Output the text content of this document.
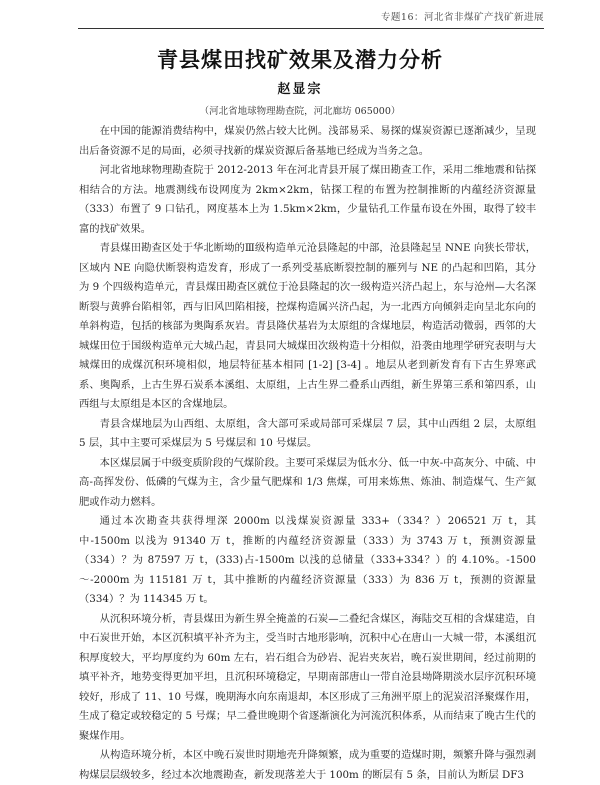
专题16：河北省非煤矿产找矿新进展
青县煤田找矿效果及潜力分析
赵显宗
（河北省地球物理勘查院，河北廊坊 065000）

在中国的能源消费结构中，煤炭仍然占较大比例。浅部易采、易探的煤炭资源已逐渐减少，呈现出后备资源不足的局面，必须寻找新的煤炭资源后备基地已经成为当务之急。

河北省地球物理勘查院于 2012-2013 年在河北青县开展了煤田勘查工作，采用二维地震和钻探相结合的方法。地震测线布设网度为 2km×2km，钻探工程的布置为控制推断的内蕴经济资源量（333）布置了 9 口钻孔，网度基本上为 1.5km×2km，少量钻孔工作量布设在外围，取得了较丰富的找矿效果。

青县煤田勘查区处于华北断坳的Ⅲ级构造单元沧县隆起的中部，沧县隆起呈 NNE 向狭长带状，区域内 NE 向隐伏断裂构造发育，形成了一系列受基底断裂控制的雁列与 NE 的凸起和凹陷，其分为 9 个四级构造单元，青县煤田勘查区就位于沧县隆起的次一级构造兴济凸起上，东与沧州—大名深断裂与黄骅台陷相邻，西与旧风凹陷相接，控煤构造属兴济凸起，为一北西方向倾斜走向呈北东向的单斜构造，包括的核部为奥陶系灰岩。青县隆伏基岩为太原组的含煤地层，构造活动微弱，西邻的大城煤田位于国级构造单元大城凸起，青县同大城煤田次级构造十分相似，沿袭由地理学研究表明与大城煤田的成煤沉积环境相似，地层特征基本相同 [1-2] [3-4] 。地层从老到新发育有下古生界寒武系、奥陶系，上古生界石炭系本溪组、太原组，上古生界二叠系山西组，新生界第三系和第四系，山西组与太原组是本区的含煤地层。

青县含煤地层为山西组、太原组，含大部可采或局部可采煤层 7 层，其中山西组 2 层，太原组 5 层，其中主要可采煤层为 5 号煤层和 10 号煤层。

本区煤层属于中级变质阶段的气煤阶段。主要可采煤层为低水分、低一中灰-中高灰分、中硫、中高-高挥发份、低磷的气煤为主，含少量气肥煤和 1/3 焦煤，可用来炼焦、炼油、制造煤气、生产氮肥或作动力燃料。

通过本次勘查共获得埋深 2000m 以浅煤炭资源量 333+（334？）206521 万 t，其中-1500m 以浅为 91340 万 t，推断的内蕴经济资源量（333）为 3743 万 t，预测资源量（334）？为 87597 万 t，(333)占-1500m 以浅的总储量（333+334？）的 4.10%。-1500～-2000m 为 115181 万 t，其中推断的内蕴经济资源量（333）为 836 万 t，预测的资源量（334）？为 114345 万 t。

从沉积环境分析，青县煤田为新生界全掩盖的石炭—二叠纪含煤区，海陆交互相的含煤建造，自中石炭世开始，本区沉积填平补齐为主，受当时古地形影响，沉积中心在唐山一大城一带，本溪组沉积厚度较大，平均厚度约为 60m 左右，岩石组合为砂岩、泥岩夹灰岩，晚石炭世期间，经过前期的填平补齐，地势变得更加平坦，且沉积环境稳定，早期南部唐山一带自沧县坳降期淡水层序沉积环境较好，形成了 11、10 号煤，晚期海水向东南退却，本区形成了三角洲平原上的泥炭沼泽聚煤作用，生成了稳定或较稳定的 5 号煤；早二叠世晚期个省逐渐演化为河流沉积体系，从而结束了晚古生代的聚煤作用。

从构造环境分析，本区中晚石炭世时期地壳升降频繁，成为重要的造煤时期，频繁升降与强烈剥构煤层层级较多，经过本次地震勘查，新发现落差大于 100m 的断层有 5 条，目前认为断层 DF3
